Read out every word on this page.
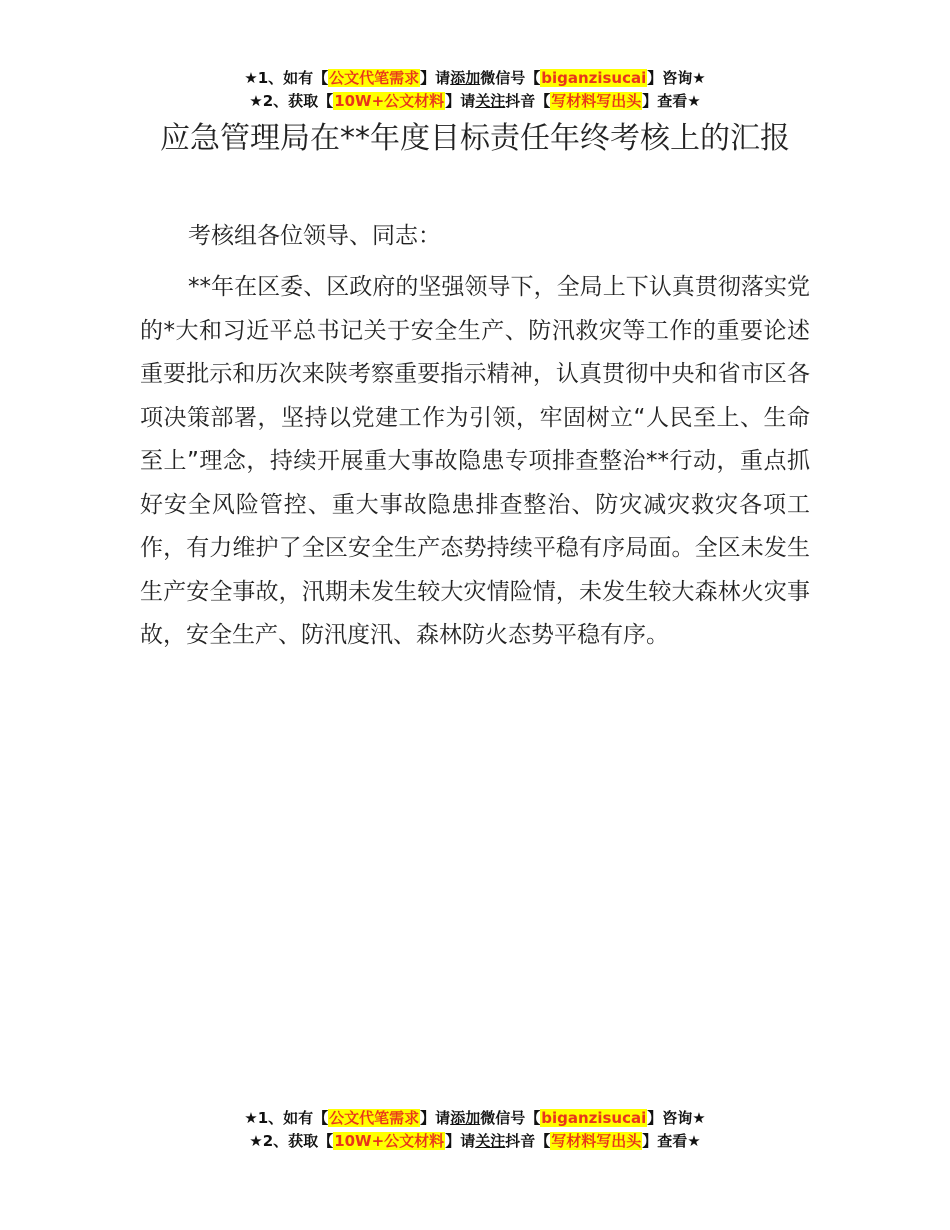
★1、如有【公文代笔需求】请添加微信号【biganzisucai】咨询★
★2、获取【10W+公文材料】请关注抖音【写材料写出头】查看★
应急管理局在**年度目标责任年终考核上的汇报

考核组各位领导、同志：

**年在区委、区政府的坚强领导下，全局上下认真贯彻落实党的*大和习近平总书记关于安全生产、防汛救灾等工作的重要论述重要批示和历次来陕考察重要指示精神，认真贯彻中央和省市区各项决策部署，坚持以党建工作为引领，牢固树立“人民至上、生命至上”理念，持续开展重大事故隐患专项排查整治**行动，重点抓好安全风险管控、重大事故隐患排查整治、防灾减灾救灾各项工作，有力维护了全区安全生产态势持续平稳有序局面。全区未发生生产安全事故，汛期未发生较大灾情险情，未发生较大森林火灾事故，安全生产、防汛度汛、森林防火态势平稳有序。

★1、如有【公文代笔需求】请添加微信号【biganzisucai】咨询★
★2、获取【10W+公文材料】请关注抖音【写材料写出头】查看★
